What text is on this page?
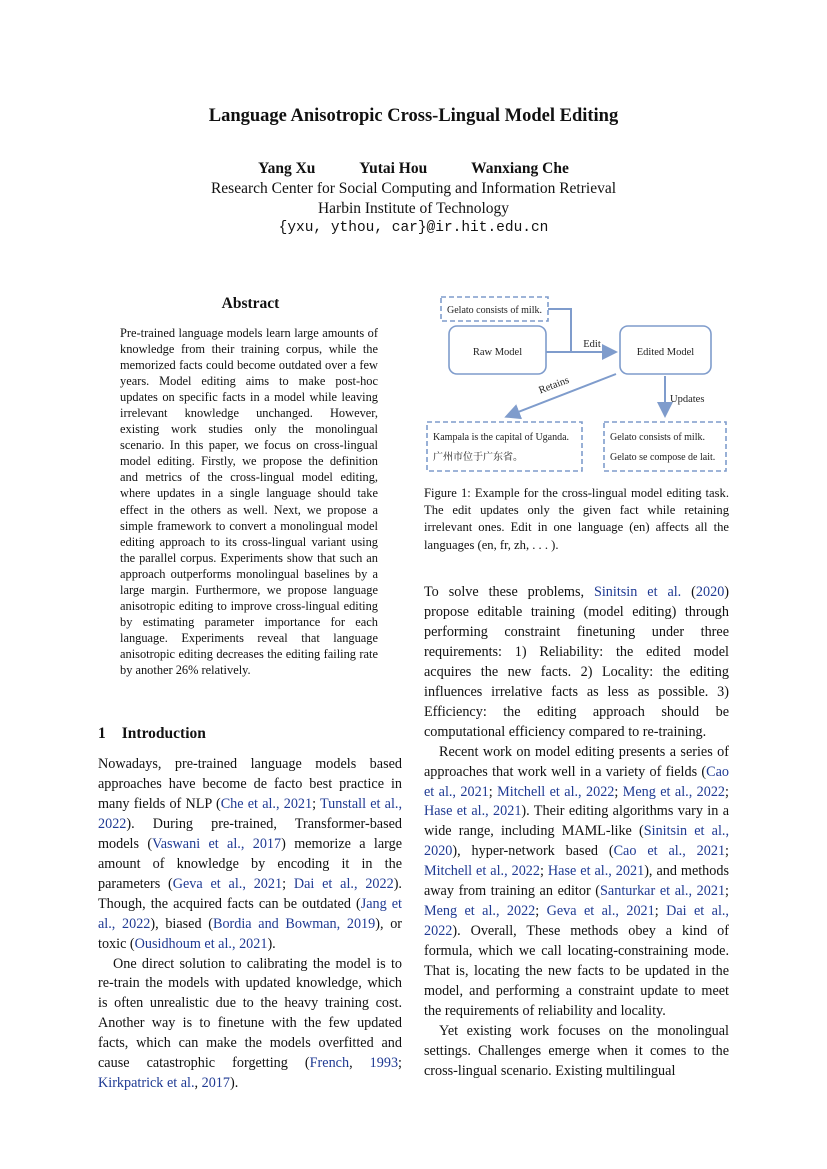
Language Anisotropic Cross-Lingual Model Editing
Yang Xu	Yutai Hou	Wanxiang Che
Research Center for Social Computing and Information Retrieval
Harbin Institute of Technology
{yxu, ythou, car}@ir.hit.edu.cn
Abstract
Pre-trained language models learn large amounts of knowledge from their training corpus, while the memorized facts could become outdated over a few years. Model editing aims to make post-hoc updates on specific facts in a model while leaving irrelevant knowledge unchanged. However, existing work studies only the monolingual scenario. In this paper, we focus on cross-lingual model editing. Firstly, we propose the definition and metrics of the cross-lingual model editing, where updates in a single language should take effect in the others as well. Next, we propose a simple framework to convert a monolingual model editing approach to its cross-lingual variant using the parallel corpus. Experiments show that such an approach outperforms monolingual baselines by a large margin. Furthermore, we propose language anisotropic editing to improve cross-lingual editing by estimating parameter importance for each language. Experiments reveal that language anisotropic editing decreases the editing failing rate by another 26% relatively.
1 Introduction

Nowadays, pre-trained language models based approaches have become de facto best practice in many fields of NLP (Che et al., 2021; Tunstall et al., 2022). During pre-trained, Transformer-based models (Vaswani et al., 2017) memorize a large amount of knowledge by encoding it in the parameters (Geva et al., 2021; Dai et al., 2022). Though, the acquired facts can be outdated (Jang et al., 2022), biased (Bordia and Bowman, 2019), or toxic (Ousidhoum et al., 2021).

One direct solution to calibrating the model is to re-train the models with updated knowledge, which is often unrealistic due to the heavy training cost. Another way is to finetune with the few updated facts, which can make the models overfitted and cause catastrophic forgetting (French, 1993; Kirkpatrick et al., 2017).

Gelato consists of milk.
Raw Model
Edit
Edited Model
Retains
Updates
Kampala is the capital of Uganda.
广州市位于广东省。
Gelato consists of milk.
Gelato se compose de lait.
Figure 1: Example for the cross-lingual model editing task. The edit updates only the given fact while retaining irrelevant ones. Edit in one language (en) affects all the languages (en, fr, zh, . . . ).

To solve these problems, Sinitsin et al. (2020) propose editable training (model editing) through performing constraint finetuning under three requirements: 1) Reliability: the edited model acquires the new facts. 2) Locality: the editing influences irrelative facts as less as possible. 3) Efficiency: the editing approach should be computational efficiency compared to re-training.

Recent work on model editing presents a series of approaches that work well in a variety of fields (Cao et al., 2021; Mitchell et al., 2022; Meng et al., 2022; Hase et al., 2021). Their editing algorithms vary in a wide range, including MAML-like (Sinitsin et al., 2020), hyper-network based (Cao et al., 2021; Mitchell et al., 2022; Hase et al., 2021), and methods away from training an editor (Santurkar et al., 2021; Meng et al., 2022; Geva et al., 2021; Dai et al., 2022). Overall, These methods obey a kind of formula, which we call locating-constraining mode. That is, locating the new facts to be updated in the model, and performing a constraint update to meet the requirements of reliability and locality.

Yet existing work focuses on the monolingual settings. Challenges emerge when it comes to the cross-lingual scenario. Existing multilingual
